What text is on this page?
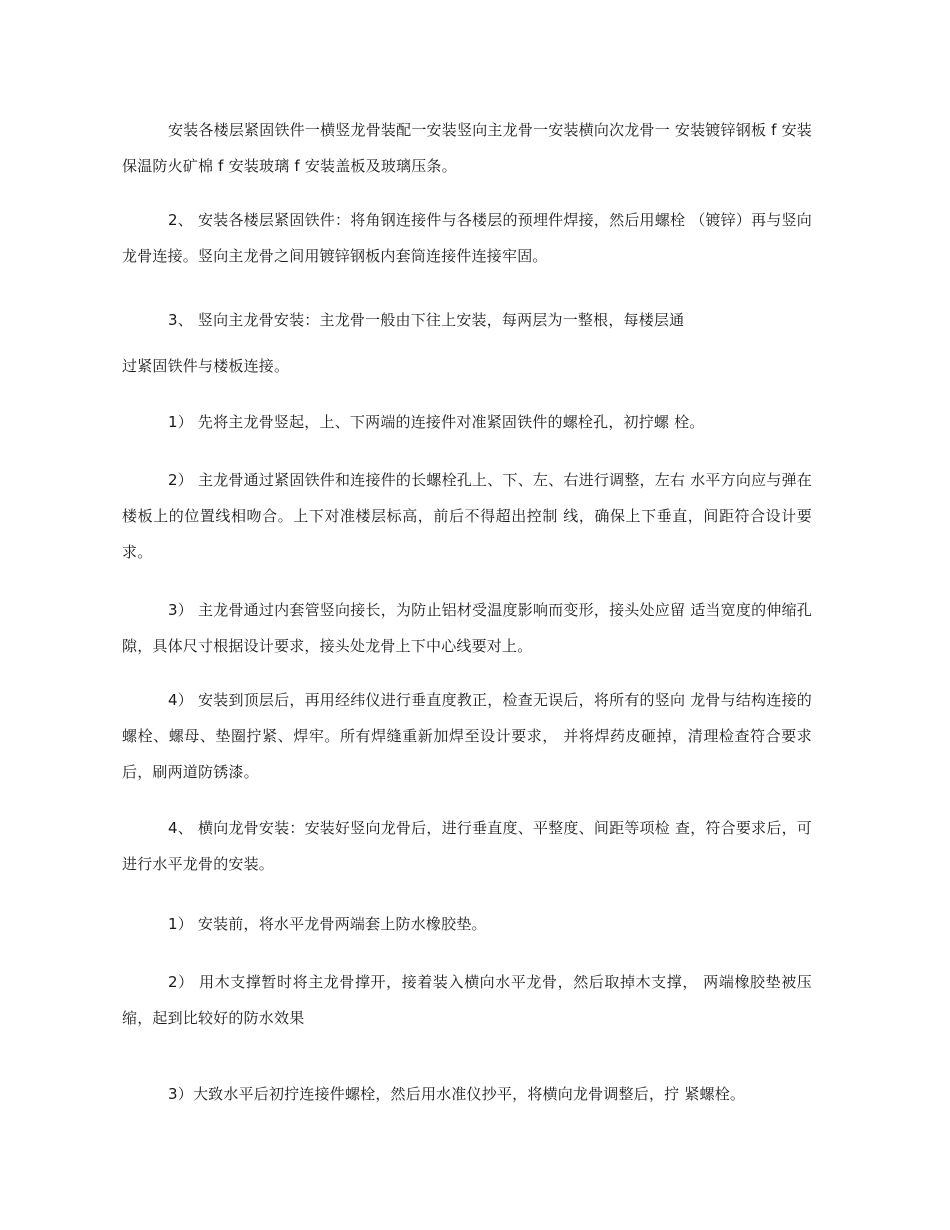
安装各楼层紧固铁件一横竖龙骨装配一安装竖向主龙骨一安装横向次龙骨一 安装镀锌钢板 f 安装保温防火矿棉 f 安装玻璃 f 安装盖板及玻璃压条。

2、 安装各楼层紧固铁件：将角钢连接件与各楼层的预埋件焊接，然后用螺栓 （镀锌）再与竖向龙骨连接。竖向主龙骨之间用镀锌钢板内套筒连接件连接牢固。

3、 竖向主龙骨安装：主龙骨一般由下往上安装，每两层为一整根，每楼层通

过紧固铁件与楼板连接。

1） 先将主龙骨竖起，上、下两端的连接件对准紧固铁件的螺栓孔，初拧螺 栓。

2） 主龙骨通过紧固铁件和连接件的长螺栓孔上、下、左、右进行调整，左右 水平方向应与弹在楼板上的位置线相吻合。上下对准楼层标高，前后不得超出控制 线，确保上下垂直，间距符合设计要求。

3） 主龙骨通过内套管竖向接长，为防止铝材受温度影响而变形，接头处应留 适当宽度的伸缩孔隙，具体尺寸根据设计要求，接头处龙骨上下中心线要对上。

4） 安装到顶层后，再用经纬仪进行垂直度教正，检查无误后，将所有的竖向 龙骨与结构连接的螺栓、螺母、垫圈拧紧、焊牢。所有焊缝重新加焊至设计要求， 并将焊药皮砸掉，清理检查符合要求后，刷两道防锈漆。

4、 横向龙骨安装：安装好竖向龙骨后，进行垂直度、平整度、间距等项检 查，符合要求后，可进行水平龙骨的安装。

1） 安装前，将水平龙骨两端套上防水橡胶垫。

2） 用木支撑暂时将主龙骨撑开，接着装入横向水平龙骨，然后取掉木支撑， 两端橡胶垫被压缩，起到比较好的防水效果

3）大致水平后初拧连接件螺栓，然后用水准仪抄平，将横向龙骨调整后，拧 紧螺栓。
